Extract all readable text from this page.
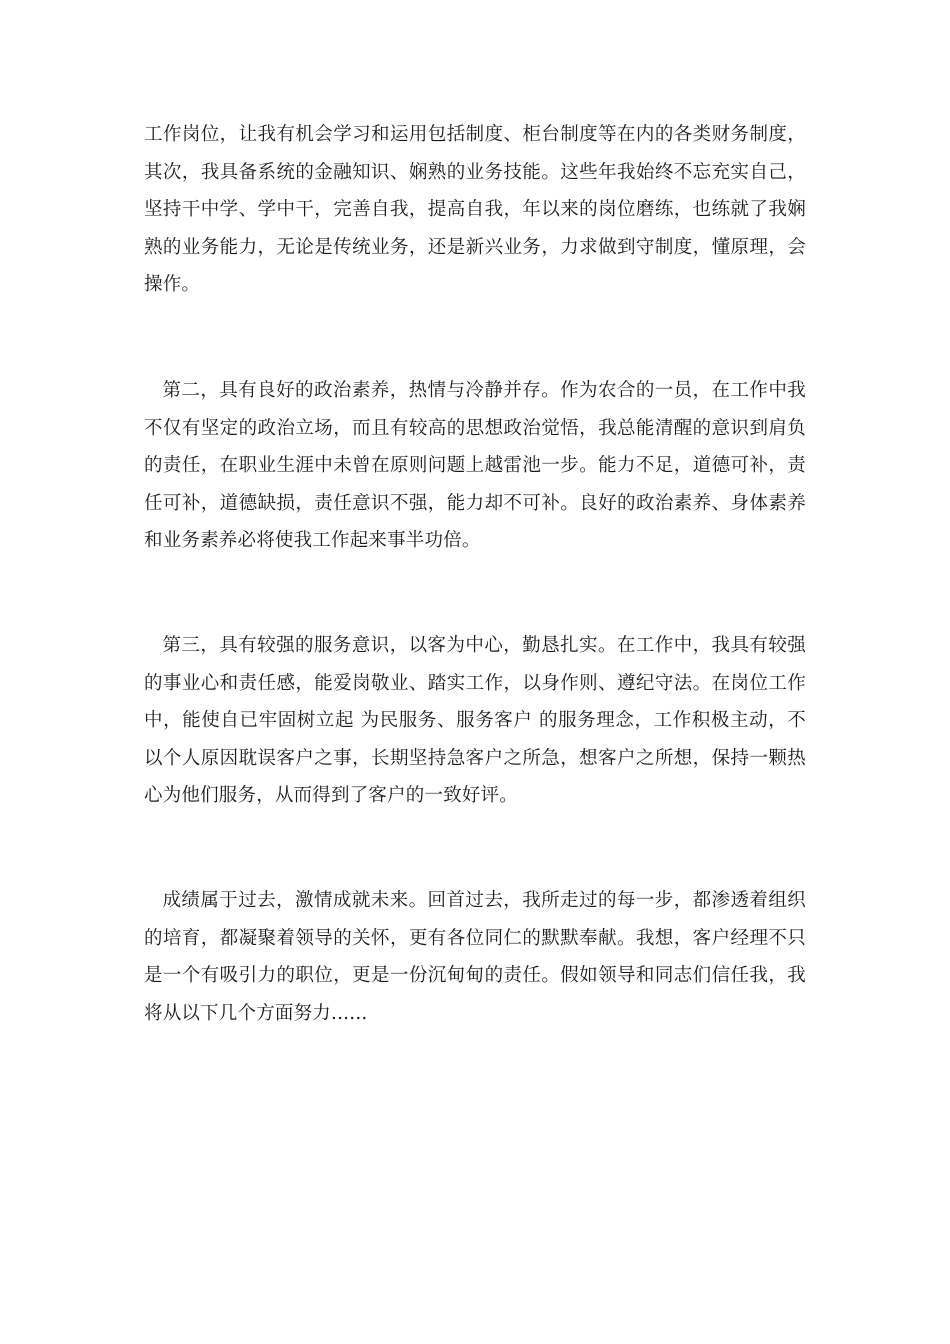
工作岗位，让我有机会学习和运用包括制度、柜台制度等在内的各类财务制度，其次，我具备系统的金融知识、娴熟的业务技能。这些年我始终不忘充实自己，坚持干中学、学中干，完善自我，提高自我，年以来的岗位磨练，也练就了我娴熟的业务能力，无论是传统业务，还是新兴业务，力求做到守制度，懂原理，会操作。

第二，具有良好的政治素养，热情与冷静并存。作为农合的一员，在工作中我不仅有坚定的政治立场，而且有较高的思想政治觉悟，我总能清醒的意识到肩负的责任，在职业生涯中未曾在原则问题上越雷池一步。能力不足，道德可补，责任可补，道德缺损，责任意识不强，能力却不可补。良好的政治素养、身体素养和业务素养必将使我工作起来事半功倍。

第三，具有较强的服务意识，以客为中心，勤恳扎实。在工作中，我具有较强的事业心和责任感，能爱岗敬业、踏实工作，以身作则、遵纪守法。在岗位工作中，能使自已牢固树立起 为民服务、服务客户 的服务理念，工作积极主动，不以个人原因耽误客户之事，长期坚持急客户之所急，想客户之所想，保持一颗热心为他们服务，从而得到了客户的一致好评。

成绩属于过去，激情成就未来。回首过去，我所走过的每一步，都渗透着组织的培育，都凝聚着领导的关怀，更有各位同仁的默默奉献。我想，客户经理不只是一个有吸引力的职位，更是一份沉甸甸的责任。假如领导和同志们信任我，我将从以下几个方面努力......
